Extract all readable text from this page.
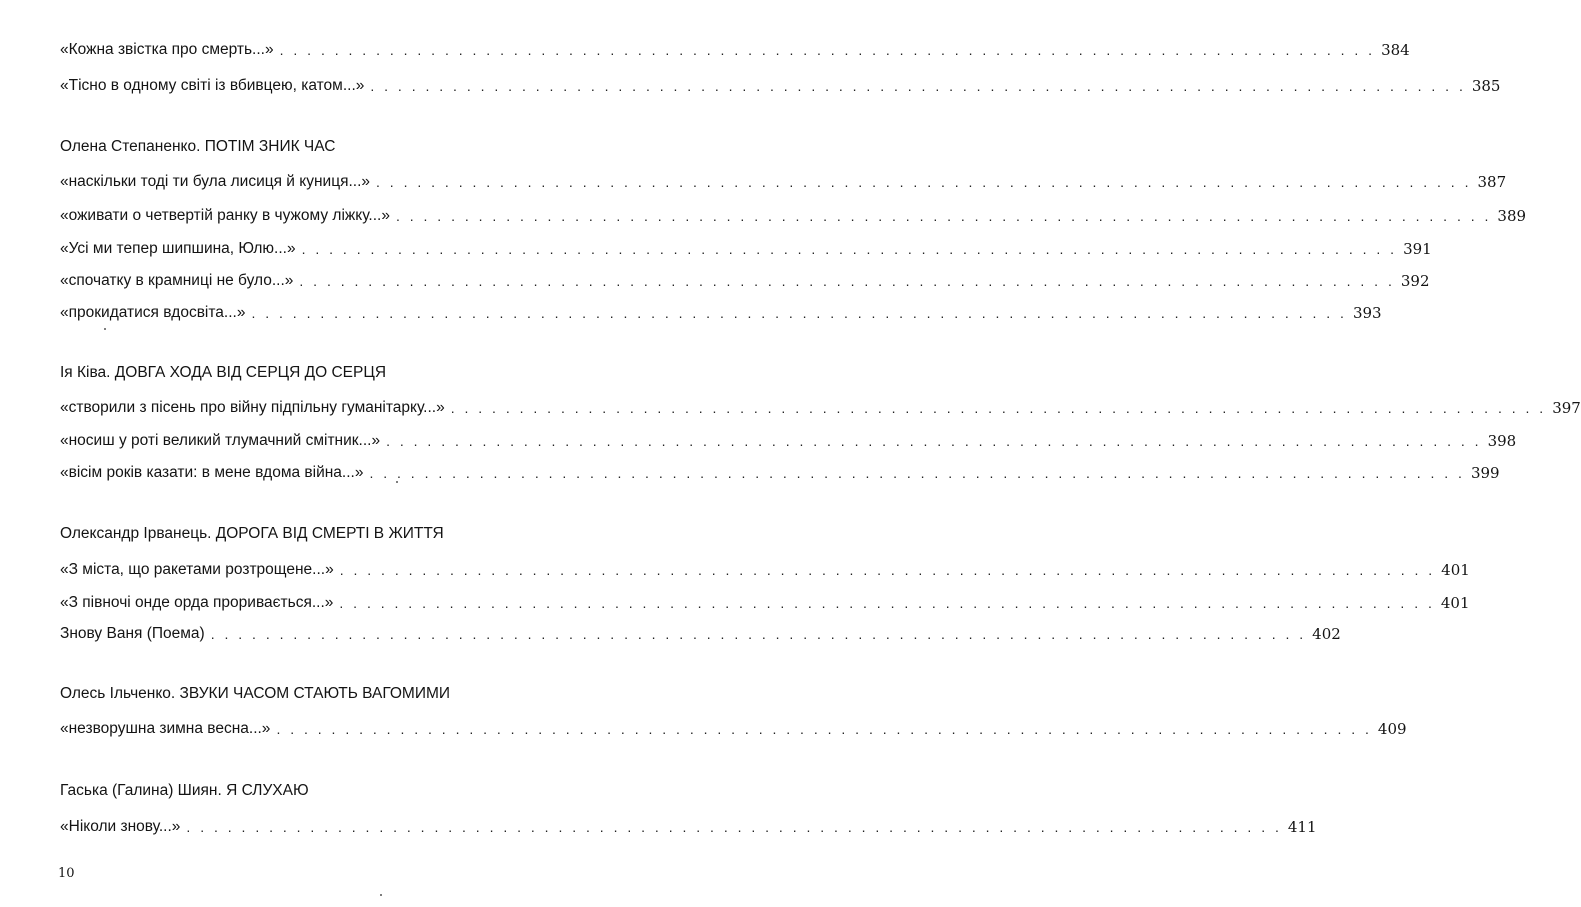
«Кожна звістка про смерть...» . . . . . . . . . . . . . . . . . . . . . . . . . . . . . . . . . . . . . . . . . . . . . . . . . . . . . . . . . . . . . . . . . . . . . . . . . . . . . . . . 384
«Тісно в одному світі із вбивцею, катом...» . . . . . . . . . . . . . . . . . . . . . . . . . . . . . . . . . . . . . . . . . . . . . . . . . . . . . . . . . . . . . . . . . . . . . . . . . . . . . . . . 385
Олена Степаненко. ПОТІМ ЗНИК ЧАС
«наскільки тоді ти була лисиця й куниця...» . . . . . . . . . . . . . . . . . . . . . . . . . . . . . . . . . . . . . . . . . . . . . . . . . . . . . . . . . . . . . . . . . . . . . . . . . . . . . . . . 387
«оживати о четвертій ранку в чужому ліжку...» . . . . . . . . . . . . . . . . . . . . . . . . . . . . . . . . . . . . . . . . . . . . . . . . . . . . . . . . . . . . . . . . . . . . . . . . . . . . . . . . 389
«Усі ми тепер шипшина, Юлю...» . . . . . . . . . . . . . . . . . . . . . . . . . . . . . . . . . . . . . . . . . . . . . . . . . . . . . . . . . . . . . . . . . . . . . . . . . . . . . . . . 391
«спочатку в крамниці не було...» . . . . . . . . . . . . . . . . . . . . . . . . . . . . . . . . . . . . . . . . . . . . . . . . . . . . . . . . . . . . . . . . . . . . . . . . . . . . . . . . 392
«прокидатися вдосвіта...» . . . . . . . . . . . . . . . . . . . . . . . . . . . . . . . . . . . . . . . . . . . . . . . . . . . . . . . . . . . . . . . . . . . . . . . . . . . . . . . . 393
Ія Ківа. ДОВГА ХОДА ВІД СЕРЦЯ ДО СЕРЦЯ
«створили з пісень про війну підпільну гуманітарку...» . . . . . . . . . . . . . . . . . . . . . . . . . . . . . . . . . . . . . . . . . . . . . . . . . . . . . . . . . . . . . . . . . . . . . . . . . . . . . . . . 397
«носиш у роті великий тлумачний смітник...» . . . . . . . . . . . . . . . . . . . . . . . . . . . . . . . . . . . . . . . . . . . . . . . . . . . . . . . . . . . . . . . . . . . . . . . . . . . . . . . . 398
«вісім років казати: в мене вдома війна...» . . . . . . . . . . . . . . . . . . . . . . . . . . . . . . . . . . . . . . . . . . . . . . . . . . . . . . . . . . . . . . . . . . . . . . . . . . . . . . . . 399
Олександр Ірванець. ДОРОГА ВІД СМЕРТІ В ЖИТТЯ
«З міста, що ракетами розтрощене...» . . . . . . . . . . . . . . . . . . . . . . . . . . . . . . . . . . . . . . . . . . . . . . . . . . . . . . . . . . . . . . . . . . . . . . . . . . . . . . . . 401
«З півночі онде орда проривається...» . . . . . . . . . . . . . . . . . . . . . . . . . . . . . . . . . . . . . . . . . . . . . . . . . . . . . . . . . . . . . . . . . . . . . . . . . . . . . . . . 401
Знову Ваня (Поема) . . . . . . . . . . . . . . . . . . . . . . . . . . . . . . . . . . . . . . . . . . . . . . . . . . . . . . . . . . . . . . . . . . . . . . . . . . . . . . . . 402
Олесь Ільченко. ЗВУКИ ЧАСОМ СТАЮТЬ ВАГОМИМИ
«незворушна зимна весна...» . . . . . . . . . . . . . . . . . . . . . . . . . . . . . . . . . . . . . . . . . . . . . . . . . . . . . . . . . . . . . . . . . . . . . . . . . . . . . . . . 409
Гаська (Галина) Шиян. Я СЛУХАЮ
«Ніколи знову...» . . . . . . . . . . . . . . . . . . . . . . . . . . . . . . . . . . . . . . . . . . . . . . . . . . . . . . . . . . . . . . . . . . . . . . . . . . . . . . . . 411
10
